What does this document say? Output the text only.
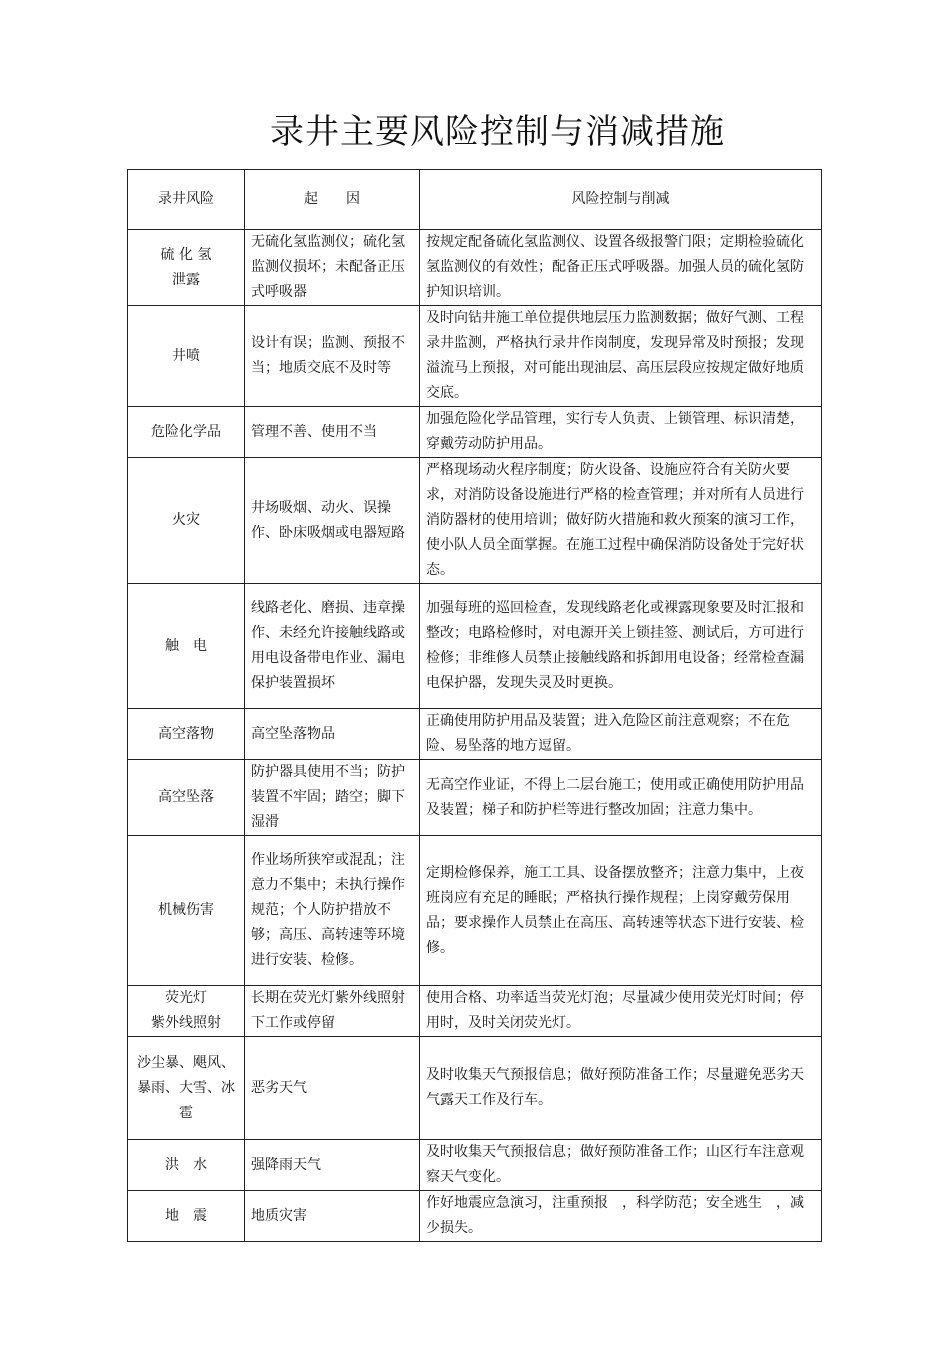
录井主要风险控制与消减措施
录井风险	起　　因	风险控制与削减
硫 化 氢
泄露	无硫化氢监测仪；硫化氢监测仪损坏；未配备正压式呼吸器	按规定配备硫化氢监测仪、设置各级报警门限；定期检验硫化氢监测仪的有效性；配备正压式呼吸器。加强人员的硫化氢防护知识培训。
井喷	设计有误；监测、预报不当；地质交底不及时等	及时向钻井施工单位提供地层压力监测数据；做好气测、工程录井监测，严格执行录井作岗制度，发现异常及时预报；发现溢流马上预报，对可能出现油层、高压层段应按规定做好地质交底。
危险化学品	管理不善、使用不当	加强危险化学品管理，实行专人负责、上锁管理、标识清楚，穿戴劳动防护用品。
火灾	井场吸烟、动火、误操作、卧床吸烟或电器短路	严格现场动火程序制度；防火设备、设施应符合有关防火要求，对消防设备设施进行严格的检查管理；并对所有人员进行消防器材的使用培训；做好防火措施和救火预案的演习工作，使小队人员全面掌握。在施工过程中确保消防设备处于完好状态。
触　电	线路老化、磨损、违章操作、未经允许接触线路或用电设备带电作业、漏电保护装置损坏	加强每班的巡回检查，发现线路老化或裸露现象要及时汇报和整改；电路检修时，对电源开关上锁挂签、测试后，方可进行检修；非维修人员禁止接触线路和拆卸用电设备；经常检查漏电保护器，发现失灵及时更换。
高空落物	高空坠落物品	正确使用防护用品及装置；进入危险区前注意观察；不在危险、易坠落的地方逗留。
高空坠落	防护器具使用不当；防护装置不牢固；踏空；脚下湿滑	无高空作业证，不得上二层台施工；使用或正确使用防护用品及装置；梯子和防护栏等进行整改加固；注意力集中。
机械伤害	作业场所狭窄或混乱；注意力不集中；未执行操作规范；个人防护措放不够；高压、高转速等环境进行安装、检修。	定期检修保养，施工工具、设备摆放整齐；注意力集中，上夜班岗应有充足的睡眠；严格执行操作规程；上岗穿戴劳保用品；要求操作人员禁止在高压、高转速等状态下进行安装、检修。
荧光灯
紫外线照射	长期在荧光灯紫外线照射下工作或停留	使用合格、功率适当荧光灯泡；尽量减少使用荧光灯时间；停用时，及时关闭荧光灯。
沙尘暴、飓风、暴雨、大雪、冰雹	恶劣天气	及时收集天气预报信息；做好预防准备工作；尽量避免恶劣天气露天工作及行车。
洪　水	强降雨天气	及时收集天气预报信息；做好预防准备工作；山区行车注意观察天气变化。
地　震	地质灾害	作好地震应急演习，注重预报　，科学防范；安全逃生　，减少损失。
